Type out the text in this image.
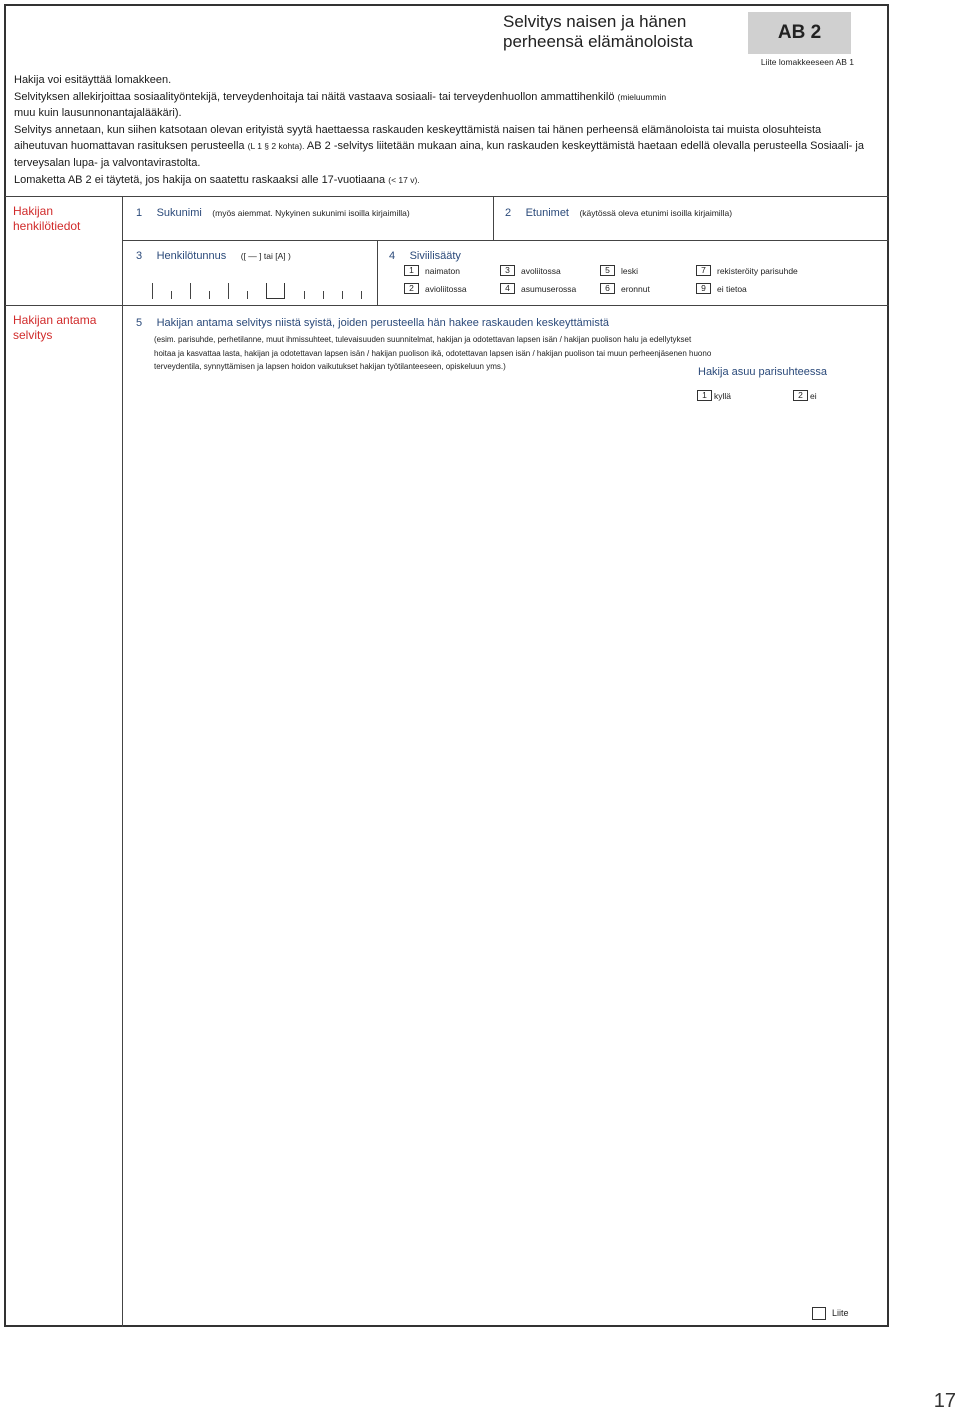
Selvitys naisen ja hänen
perheensä elämänoloista	AB 2
Liite lomakkeeseen AB 1

Hakija voi esitäyttää lomakkeen.

Selvityksen allekirjoittaa sosiaalityöntekijä, terveydenhoitaja tai näitä vastaava sosiaali- tai terveydenhuollon ammattihenkilö (mieluummin
muu kuin lausunnonantajalääkäri).

Selvitys annetaan, kun siihen katsotaan olevan erityistä syytä haettaessa raskauden keskeyttämistä naisen tai hänen perheensä elämänoloista tai muista olosuhteista aiheutuvan huomattavan rasituksen perusteella (L 1 § 2 kohta). AB 2 -selvitys liitetään mukaan aina, kun raskauden keskeyttämistä haetaan edellä olevalla perusteella Sosiaali- ja terveysalan lupa- ja valvontavirastolta.

Lomaketta AB 2 ei täytetä, jos hakija on saatettu raskaaksi alle 17-vuotiaana (< 17 v).

Hakijan
henkilötiedot
1 Sukunimi (myös aiemmat. Nykyinen sukunimi isoilla kirjaimilla)	2 Etunimet (käytössä oleva etunimi isoilla kirjaimilla)
3 Henkilötunnus ([ — ] tai [A] )	4 Siviilisääty
1	naimaton	3	avoliitossa	5	leski	7	rekisteröity parisuhde
2	avioliitossa	4	asumuserossa	6	eronnut	9	ei tietoa
Hakijan antama
selvitys
5 Hakijan antama selvitys niistä syistä, joiden perusteella hän hakee raskauden keskeyttämistä
(esim. parisuhde, perhetilanne, muut ihmissuhteet, tulevaisuuden suunnitelmat, hakijan ja odotettavan lapsen isän / hakijan puolison halu ja edellytykset
hoitaa ja kasvattaa lasta, hakijan ja odotettavan lapsen isän / hakijan puolison ikä, odotettavan lapsen isän / hakijan puolison tai muun perheenjäsenen huono
terveydentila, synnyttämisen ja lapsen hoidon vaikutukset hakijan työtilanteeseen, opiskeluun yms.)	Hakija asuu parisuhteessa
1 kyllä	2 ei
Liite
17
